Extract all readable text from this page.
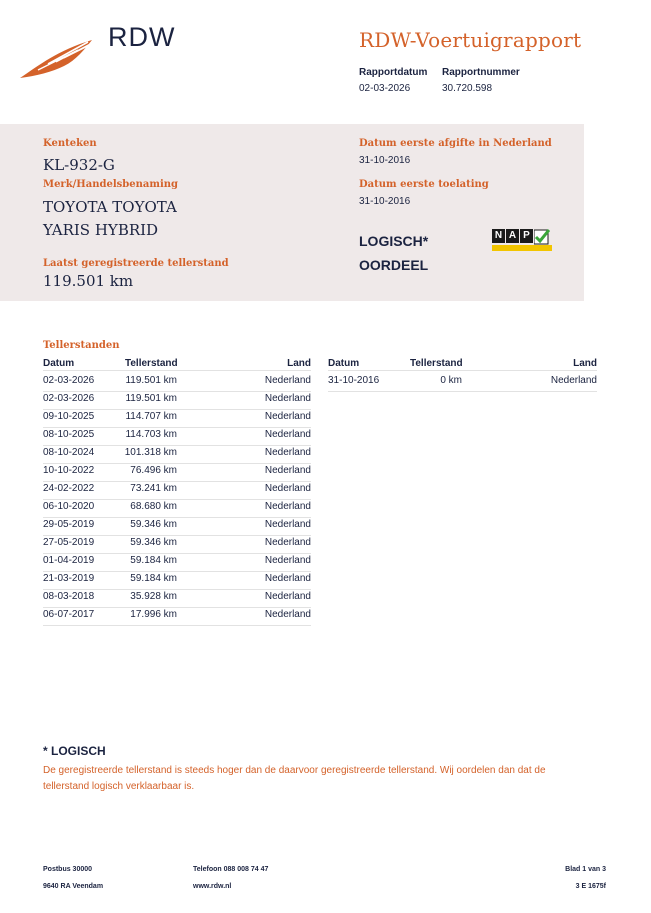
RDW	RDW-Voertuigrapport
Rapportdatum
02-03-2026
Rapportnummer
30.720.598
Kenteken
KL-932-G
Merk/Handelsbenaming
TOYOTA TOYOTA
YARIS HYBRID
Laatst geregistreerde tellerstand
119.501 km
Datum eerste afgifte in Nederland
31-10-2016
Datum eerste toelating
31-10-2016
LOGISCH*
OORDEEL
N A P
Tellerstanden
Datum	Tellerstand	Land Datum	Tellerstand	Land
02-03-2026	119.501 km	Nederland
02-03-2026	119.501 km	Nederland
09-10-2025	114.707 km	Nederland
08-10-2025	114.703 km	Nederland
08-10-2024	101.318 km	Nederland
10-10-2022	76.496 km	Nederland
24-02-2022	73.241 km	Nederland
06-10-2020	68.680 km	Nederland
29-05-2019	59.346 km	Nederland
27-05-2019	59.346 km	Nederland
01-04-2019	59.184 km	Nederland
21-03-2019	59.184 km	Nederland
08-03-2018	35.928 km	Nederland
06-07-2017	17.996 km	Nederland
31-10-2016	0 km	Nederland
* LOGISCH
De geregistreerde tellerstand is steeds hoger dan de daarvoor geregistreerde tellerstand. Wij oordelen dan dat de tellerstand logisch verklaarbaar is.
Postbus 30000
9640 RA Veendam
Telefoon 088 008 74 47
www.rdw.nl
Blad 1 van 3
3 E 1675f
